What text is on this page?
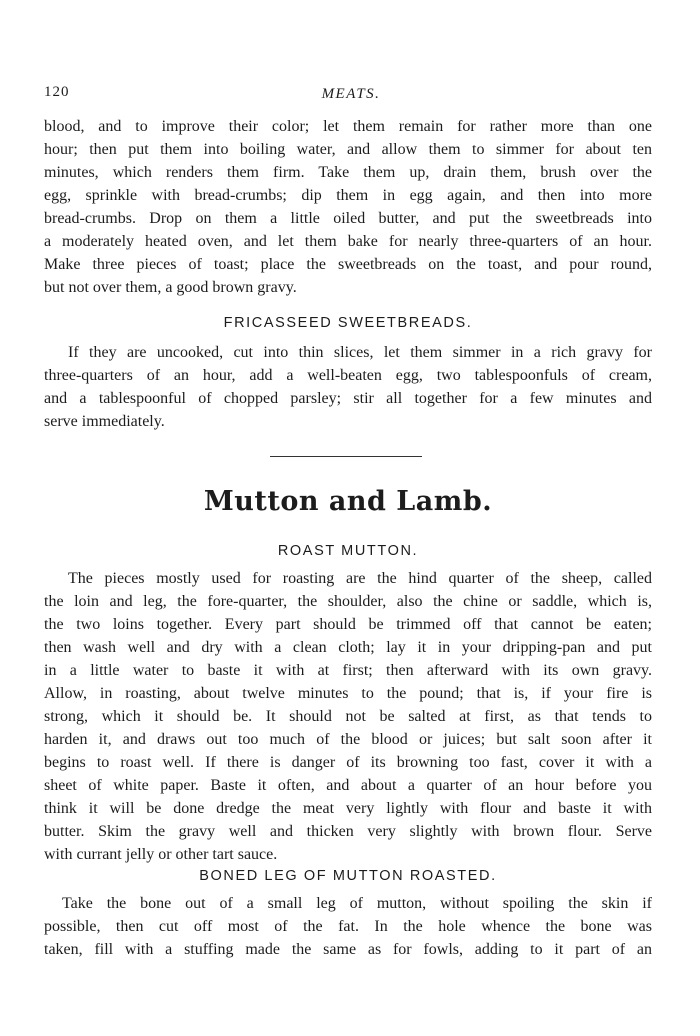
120	MEATS.
blood, and to improve their color; let them remain for rather more than one
hour; then put them into boiling water, and allow them to simmer for about ten
minutes, which renders them firm. Take them up, drain them, brush over the
egg, sprinkle with bread-crumbs; dip them in egg again, and then into more
bread-crumbs. Drop on them a little oiled butter, and put the sweetbreads into
a moderately heated oven, and let them bake for nearly three-quarters of an hour.
Make three pieces of toast; place the sweetbreads on the toast, and pour round,
but not over them, a good brown gravy.
FRICASSEED SWEETBREADS.
If they are uncooked, cut into thin slices, let them simmer in a rich gravy for
three-quarters of an hour, add a well-beaten egg, two tablespoonfuls of cream,
and a tablespoonful of chopped parsley; stir all together for a few minutes and
serve immediately.
Mutton and Lamb.
ROAST MUTTON.
The pieces mostly used for roasting are the hind quarter of the sheep, called
the loin and leg, the fore-quarter, the shoulder, also the chine or saddle, which is,
the two loins together. Every part should be trimmed off that cannot be eaten;
then wash well and dry with a clean cloth; lay it in your dripping-pan and put
in a little water to baste it with at first; then afterward with its own gravy.
Allow, in roasting, about twelve minutes to the pound; that is, if your fire is
strong, which it should be. It should not be salted at first, as that tends to
harden it, and draws out too much of the blood or juices; but salt soon after it
begins to roast well. If there is danger of its browning too fast, cover it with a
sheet of white paper. Baste it often, and about a quarter of an hour before you
think it will be done dredge the meat very lightly with flour and baste it with
butter. Skim the gravy well and thicken very slightly with brown flour. Serve
with currant jelly or other tart sauce.
BONED LEG OF MUTTON ROASTED.
Take the bone out of a small leg of mutton, without spoiling the skin if
possible, then cut off most of the fat. In the hole whence the bone was
taken, fill with a stuffing made the same as for fowls, adding to it part of an
